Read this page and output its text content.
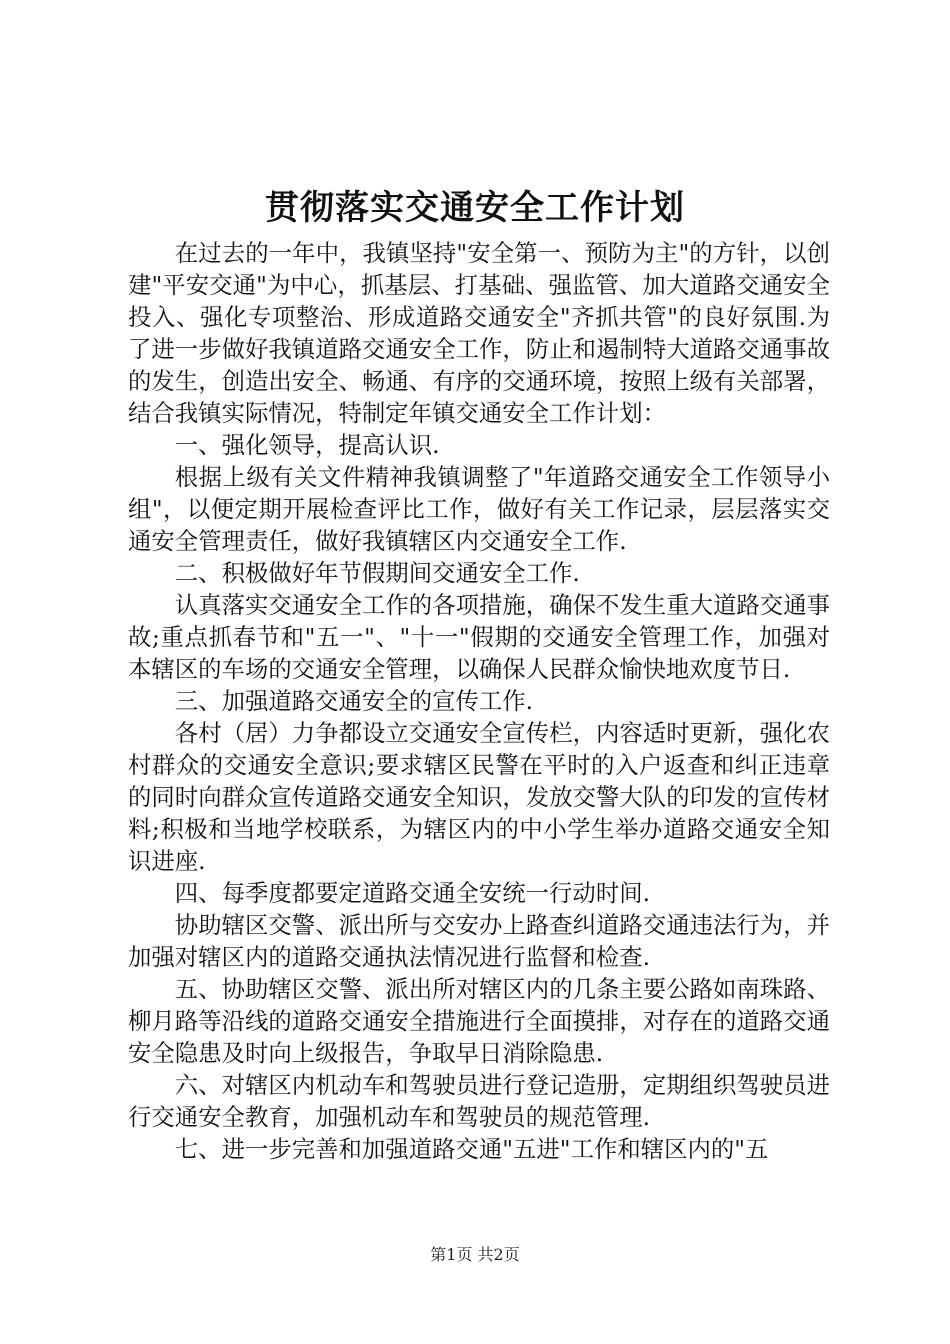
贯彻落实交通安全工作计划

在过去的一年中，我镇坚持"安全第一、预防为主"的方针，以创建"平安交通"为中心，抓基层、打基础、强监管、加大道路交通安全投入、强化专项整治、形成道路交通安全"齐抓共管"的良好氛围.为了进一步做好我镇道路交通安全工作，防止和遏制特大道路交通事故的发生，创造出安全、畅通、有序的交通环境，按照上级有关部署，结合我镇实际情况，特制定年镇交通安全工作计划：

一、强化领导，提高认识.

根据上级有关文件精神我镇调整了"年道路交通安全工作领导小组"，以便定期开展检查评比工作，做好有关工作记录，层层落实交通安全管理责任，做好我镇辖区内交通安全工作.

二、积极做好年节假期间交通安全工作.

认真落实交通安全工作的各项措施，确保不发生重大道路交通事故;重点抓春节和"五一"、"十一"假期的交通安全管理工作，加强对本辖区的车场的交通安全管理，以确保人民群众愉快地欢度节日.

三、加强道路交通安全的宣传工作.

各村（居）力争都设立交通安全宣传栏，内容适时更新，强化农村群众的交通安全意识;要求辖区民警在平时的入户返查和纠正违章的同时向群众宣传道路交通安全知识，发放交警大队的印发的宣传材料;积极和当地学校联系，为辖区内的中小学生举办道路交通安全知识进座.

四、每季度都要定道路交通全安统一行动时间.

协助辖区交警、派出所与交安办上路查纠道路交通违法行为，并加强对辖区内的道路交通执法情况进行监督和检查.

五、协助辖区交警、派出所对辖区内的几条主要公路如南珠路、柳月路等沿线的道路交通安全措施进行全面摸排，对存在的道路交通安全隐患及时向上级报告，争取早日消除隐患.

六、对辖区内机动车和驾驶员进行登记造册，定期组织驾驶员进行交通安全教育，加强机动车和驾驶员的规范管理.

七、进一步完善和加强道路交通"五进"工作和辖区内的"五

第1页 共2页
